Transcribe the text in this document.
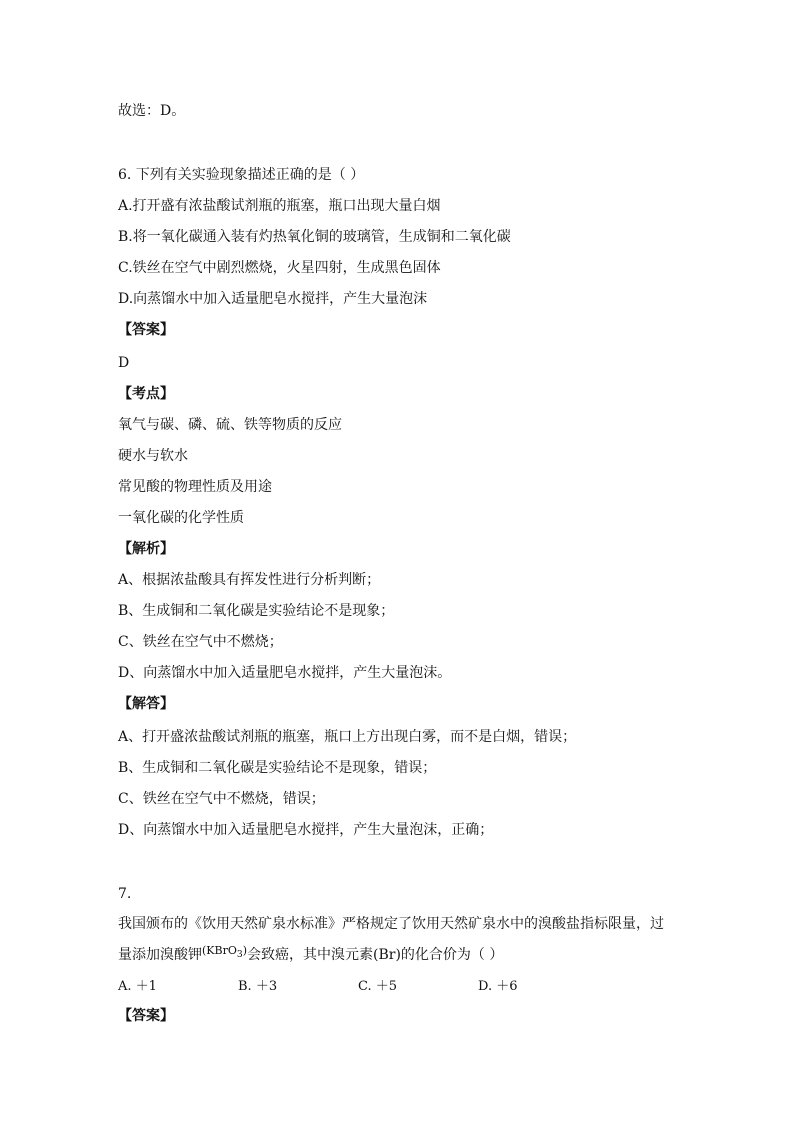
故选：D。
6. 下列有关实验现象描述正确的是（ ）
A.打开盛有浓盐酸试剂瓶的瓶塞，瓶口出现大量白烟
B.将一氧化碳通入装有灼热氧化铜的玻璃管，生成铜和二氧化碳
C.铁丝在空气中剧烈燃烧，火星四射，生成黑色固体
D.向蒸馏水中加入适量肥皂水搅拌，产生大量泡沫
【答案】
D
【考点】
氧气与碳、磷、硫、铁等物质的反应
硬水与软水
常见酸的物理性质及用途
一氧化碳的化学性质
【解析】
A、根据浓盐酸具有挥发性进行分析判断；
B、生成铜和二氧化碳是实验结论不是现象；
C、铁丝在空气中不燃烧；
D、向蒸馏水中加入适量肥皂水搅拌，产生大量泡沫。
【解答】
A、打开盛浓盐酸试剂瓶的瓶塞，瓶口上方出现白雾，而不是白烟，错误；
B、生成铜和二氧化碳是实验结论不是现象，错误；
C、铁丝在空气中不燃烧，错误；
D、向蒸馏水中加入适量肥皂水搅拌，产生大量泡沫，正确；
7.
我国颁布的《饮用天然矿泉水标准》严格规定了饮用天然矿泉水中的溴酸盐指标限量，过
量添加溴酸钾$^{(KBrO_3)}$会致癌，其中溴元素(Br)的化合价为（ ）
A. ＋1	B. ＋3	C. ＋5	D. ＋6
【答案】
